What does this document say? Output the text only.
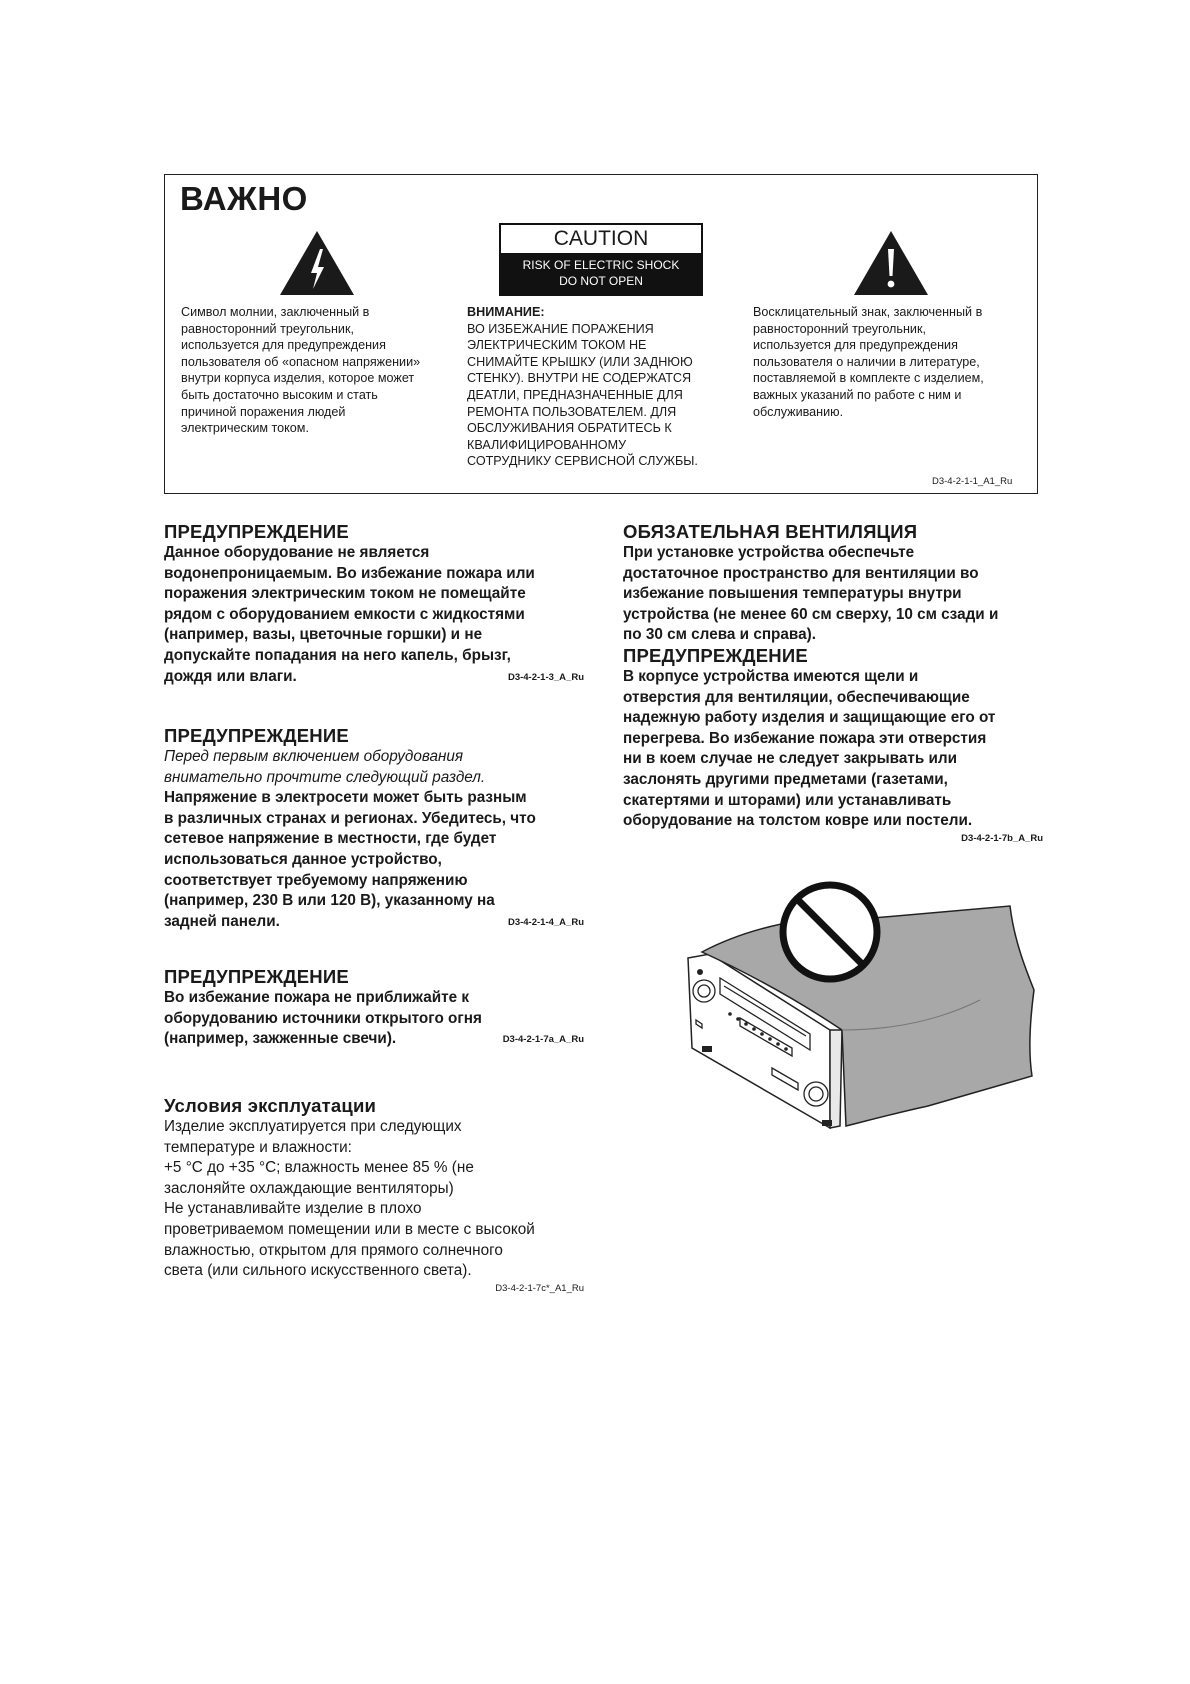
ВАЖНО
CAUTION
RISK OF ELECTRIC SHOCK
DO NOT OPEN
Символ молнии, заключенный в
равносторонний треугольник,
используется для предупреждения
пользователя об «опасном напряжении»
внутри корпуса изделия, которое может
быть достаточно высоким и стать
причиной поражения людей
электрическим током.
ВНИМАНИЕ:
ВО ИЗБЕЖАНИЕ ПОРАЖЕНИЯ
ЭЛЕКТРИЧЕСКИМ ТОКОМ НЕ
СНИМАЙТЕ КРЫШКУ (ИЛИ ЗАДНЮЮ
СТЕНКУ). ВНУТРИ НЕ СОДЕРЖАТСЯ
ДЕАТЛИ, ПРЕДНАЗНАЧЕННЫЕ ДЛЯ
РЕМОНТА ПОЛЬЗОВАТЕЛЕМ. ДЛЯ
ОБСЛУЖИВАНИЯ ОБРАТИТЕСЬ К
КВАЛИФИЦИРОВАННОМУ
СОТРУДНИКУ СЕРВИСНОЙ СЛУЖБЫ.
Восклицательный знак, заключенный в
равносторонний треугольник,
используется для предупреждения
пользователя о наличии в литературе,
поставляемой в комплекте с изделием,
важных указаний по работе с ним и
обслуживанию.
D3-4-2-1-1_A1_Ru
ПРЕДУПРЕЖДЕНИЕ
Данное оборудование не является
водонепроницаемым. Во избежание пожара или
поражения электрическим током не помещайте
рядом с оборудованием емкости с жидкостями
(например, вазы, цветочные горшки) и не
допускайте попадания на него капель, брызг,
дождя или влаги.	D3-4-2-1-3_A_Ru
ПРЕДУПРЕЖДЕНИЕ
Перед первым включением оборудования
внимательно прочтите следующий раздел.
Напряжение в электросети может быть разным
в различных странах и регионах. Убедитесь, что
сетевое напряжение в местности, где будет
использоваться данное устройство,
соответствует требуемому напряжению
(например, 230 В или 120 В), указанному на
задней панели.	D3-4-2-1-4_A_Ru
ПРЕДУПРЕЖДЕНИЕ
Во избежание пожара не приближайте к
оборудованию источники открытого огня
(например, зажженные свечи).	D3-4-2-1-7a_A_Ru
Условия эксплуатации
Изделие эксплуатируется при следующих
температуре и влажности:
+5 °C до +35 °C; влажность менее 85 % (не
заслоняйте охлаждающие вентиляторы)
Не устанавливайте изделие в плохо
проветриваемом помещении или в месте с высокой
влажностью, открытом для прямого солнечного
света (или сильного искусственного света).
D3-4-2-1-7c*_A1_Ru
ОБЯЗАТЕЛЬНАЯ ВЕНТИЛЯЦИЯ
При установке устройства обеспечьте
достаточное пространство для вентиляции во
избежание повышения температуры внутри
устройства (не менее 60 см сверху, 10 см сзади и
по 30 см слева и справа).
ПРЕДУПРЕЖДЕНИЕ
В корпусе устройства имеются щели и
отверстия для вентиляции, обеспечивающие
надежную работу изделия и защищающие его от
перегрева. Во избежание пожара эти отверстия
ни в коем случае не следует закрывать или
заслонять другими предметами (газетами,
скатертями и шторами) или устанавливать
оборудование на толстом ковре или постели.
D3-4-2-1-7b_A_Ru
